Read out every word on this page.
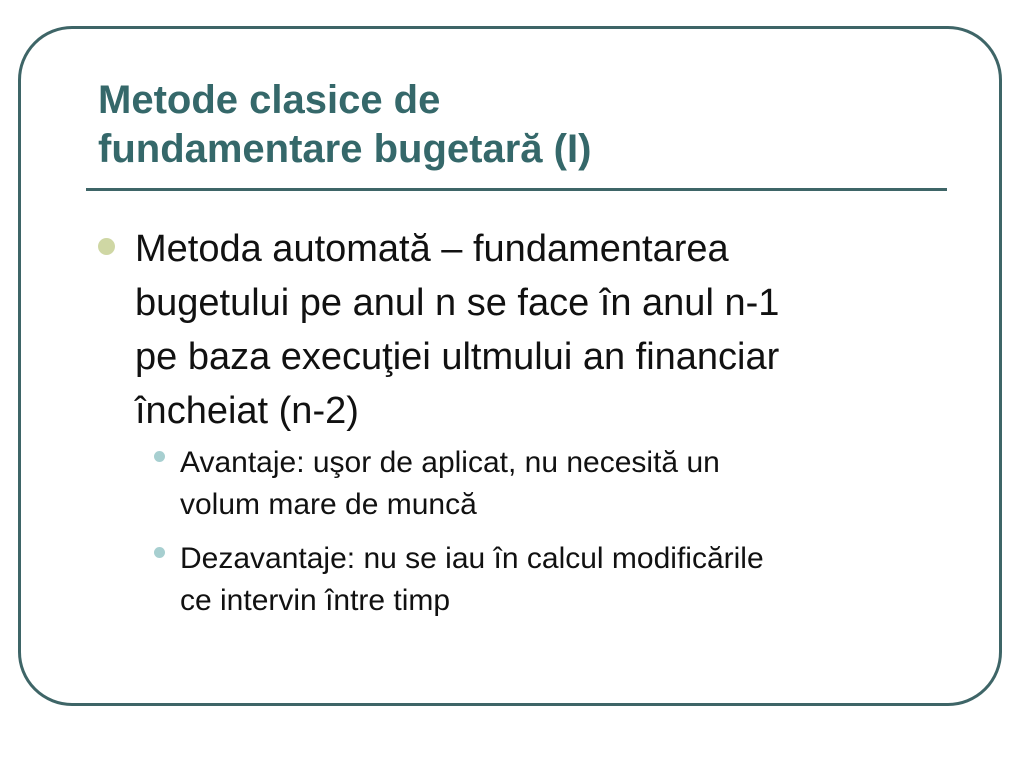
Metode clasice de
fundamentare bugetară (I)

Metoda automată – fundamentarea
bugetului pe anul n se face în anul n-1
pe baza execuţiei ultmului an financiar
încheiat (n-2)

Avantaje: uşor de aplicat, nu necesită un
volum mare de muncă

Dezavantaje: nu se iau în calcul modificările
ce intervin între timp
